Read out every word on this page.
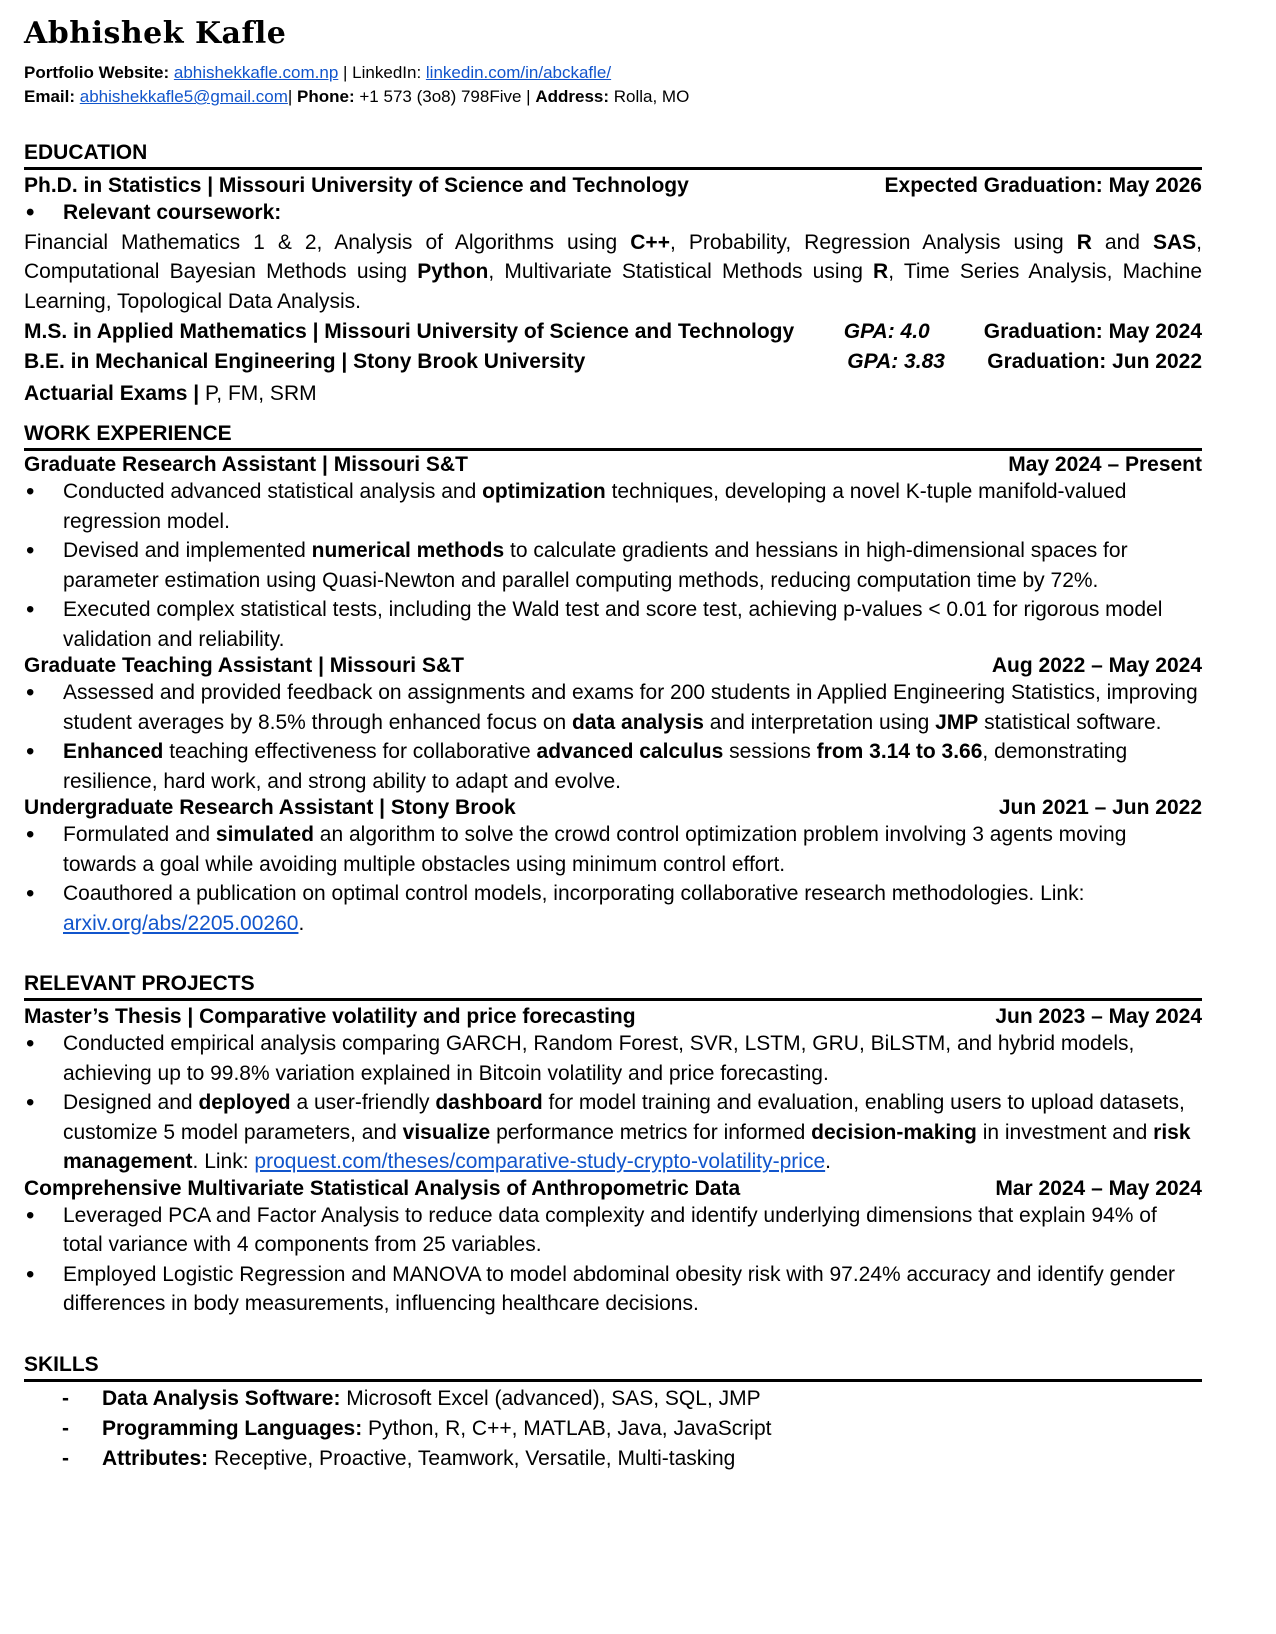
Abhishek Kafle

Portfolio Website: abhishekkafle.com.np | LinkedIn: linkedin.com/in/abckafle/

Email: abhishekkafle5@gmail.com| Phone: +1 573 (3o8) 798Five | Address: Rolla, MO

EDUCATION
Ph.D. in Statistics | Missouri University of Science and Technology	Expected Graduation: May 2026
• Relevant coursework:

Financial Mathematics 1 & 2, Analysis of Algorithms using C++, Probability, Regression Analysis using R and SAS, Computational Bayesian Methods using Python, Multivariate Statistical Methods using R, Time Series Analysis, Machine Learning, Topological Data Analysis.

M.S. in Applied Mathematics | Missouri University of Science and Technology	GPA: 4.0	Graduation: May 2024
B.E. in Mechanical Engineering | Stony Brook University	GPA: 3.83	Graduation: Jun 2022
Actuarial Exams | P, FM, SRM
WORK EXPERIENCE
Graduate Research Assistant | Missouri S&T	May 2024 – Present
• Conducted advanced statistical analysis and optimization techniques, developing a novel K-tuple manifold-valued regression model.
• Devised and implemented numerical methods to calculate gradients and hessians in high-dimensional spaces for parameter estimation using Quasi-Newton and parallel computing methods, reducing computation time by 72%.
• Executed complex statistical tests, including the Wald test and score test, achieving p-values < 0.01 for rigorous model validation and reliability.
Graduate Teaching Assistant | Missouri S&T	Aug 2022 – May 2024
• Assessed and provided feedback on assignments and exams for 200 students in Applied Engineering Statistics, improving student averages by 8.5% through enhanced focus on data analysis and interpretation using JMP statistical software.
• Enhanced teaching effectiveness for collaborative advanced calculus sessions from 3.14 to 3.66, demonstrating resilience, hard work, and strong ability to adapt and evolve.
Undergraduate Research Assistant | Stony Brook	Jun 2021 – Jun 2022
• Formulated and simulated an algorithm to solve the crowd control optimization problem involving 3 agents moving towards a goal while avoiding multiple obstacles using minimum control effort.
• Coauthored a publication on optimal control models, incorporating collaborative research methodologies. Link: arxiv.org/abs/2205.00260.
RELEVANT PROJECTS
Master’s Thesis | Comparative volatility and price forecasting	Jun 2023 – May 2024
• Conducted empirical analysis comparing GARCH, Random Forest, SVR, LSTM, GRU, BiLSTM, and hybrid models, achieving up to 99.8% variation explained in Bitcoin volatility and price forecasting.
• Designed and deployed a user-friendly dashboard for model training and evaluation, enabling users to upload datasets, customize 5 model parameters, and visualize performance metrics for informed decision-making in investment and risk management. Link: proquest.com/theses/comparative-study-crypto-volatility-price.
Comprehensive Multivariate Statistical Analysis of Anthropometric Data	Mar 2024 – May 2024
• Leveraged PCA and Factor Analysis to reduce data complexity and identify underlying dimensions that explain 94% of total variance with 4 components from 25 variables.
• Employed Logistic Regression and MANOVA to model abdominal obesity risk with 97.24% accuracy and identify gender differences in body measurements, influencing healthcare decisions.
SKILLS
- Data Analysis Software: Microsoft Excel (advanced), SAS, SQL, JMP
- Programming Languages: Python, R, C++, MATLAB, Java, JavaScript
- Attributes: Receptive, Proactive, Teamwork, Versatile, Multi-tasking
